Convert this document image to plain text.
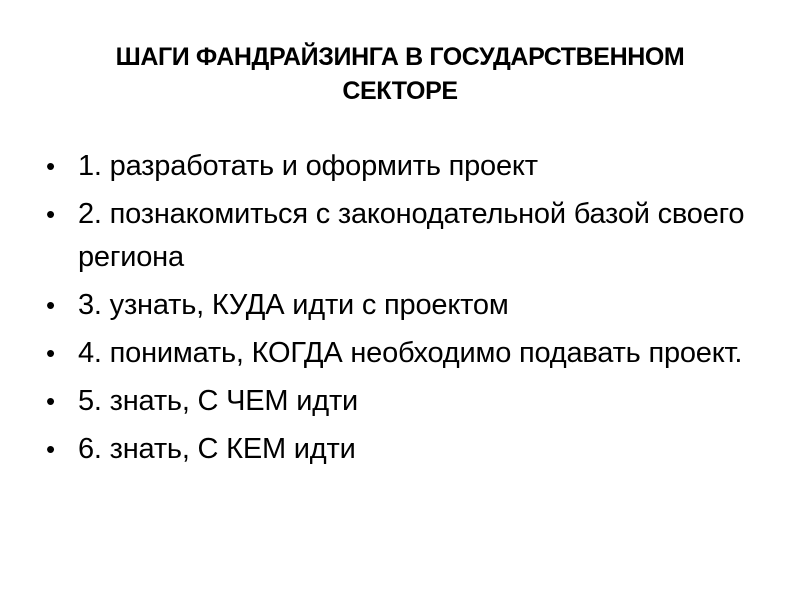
ШАГИ ФАНДРАЙЗИНГА В ГОСУДАРСТВЕННОМ
СЕКТОРЕ
• 1. разработать и оформить проект
• 2. познакомиться с законодательной базой своего региона
• 3. узнать, КУДА идти с проектом
• 4. понимать, КОГДА необходимо подавать проект.
• 5. знать, С ЧЕМ идти
• 6. знать, С КЕМ идти
